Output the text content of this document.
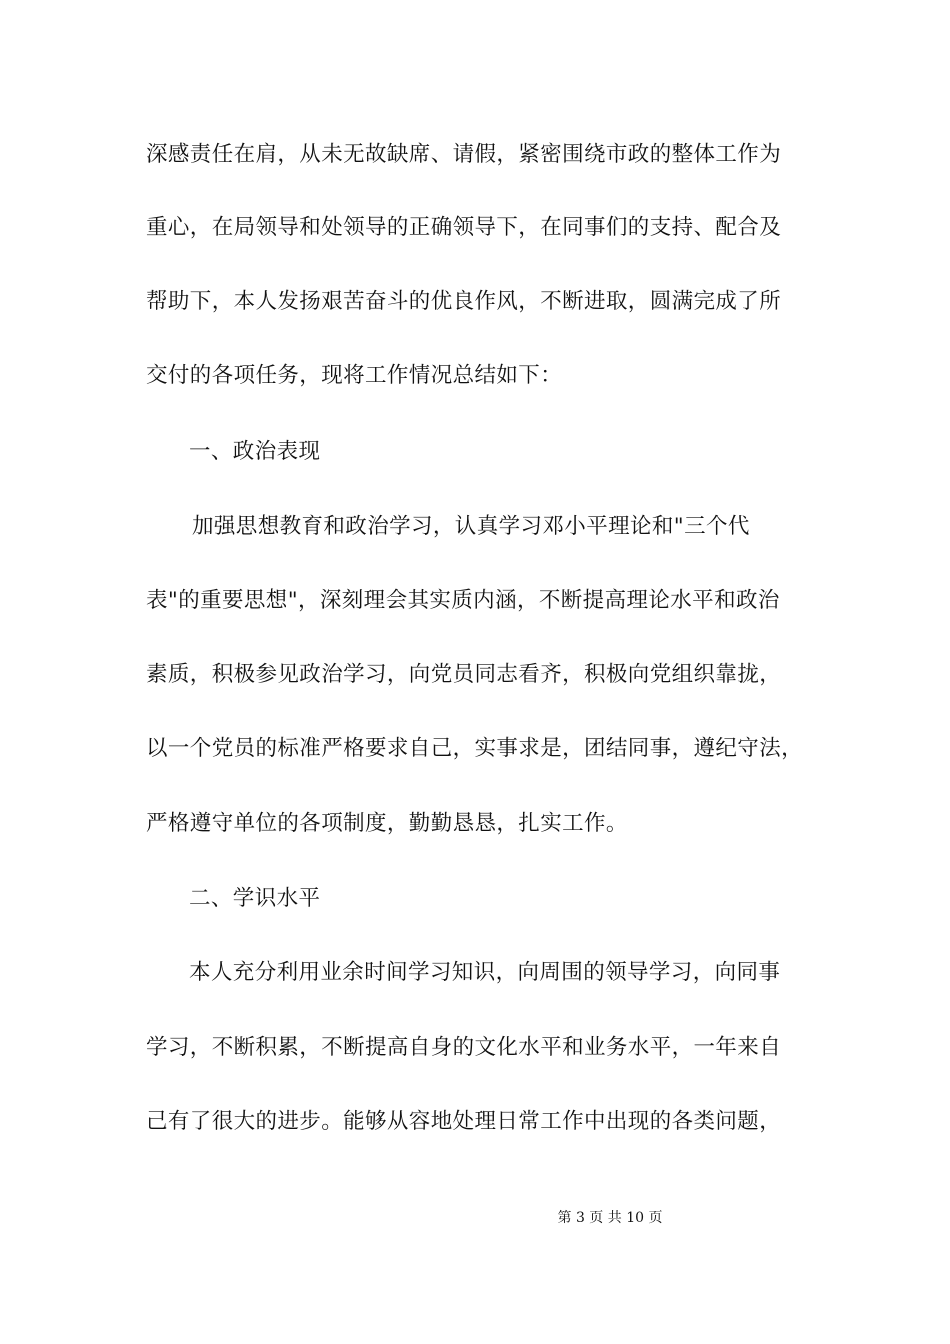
深感责任在肩，从未无故缺席、请假，紧密围绕市政的整体工作为
重心，在局领导和处领导的正确领导下，在同事们的支持、配合及
帮助下，本人发扬艰苦奋斗的优良作风，不断进取，圆满完成了所
交付的各项任务，现将工作情况总结如下：
一、政治表现
加强思想教育和政治学习，认真学习邓小平理论和"三个代
表"的重要思想"，深刻理会其实质内涵，不断提高理论水平和政治
素质，积极参见政治学习，向党员同志看齐，积极向党组织靠拢，
以一个党员的标准严格要求自己，实事求是，团结同事，遵纪守法，
严格遵守单位的各项制度，勤勤恳恳，扎实工作。
二、学识水平
本人充分利用业余时间学习知识，向周围的领导学习，向同事
学习，不断积累，不断提高自身的文化水平和业务水平，一年来自
己有了很大的进步。能够从容地处理日常工作中出现的各类问题，
第 3 页 共 10 页
